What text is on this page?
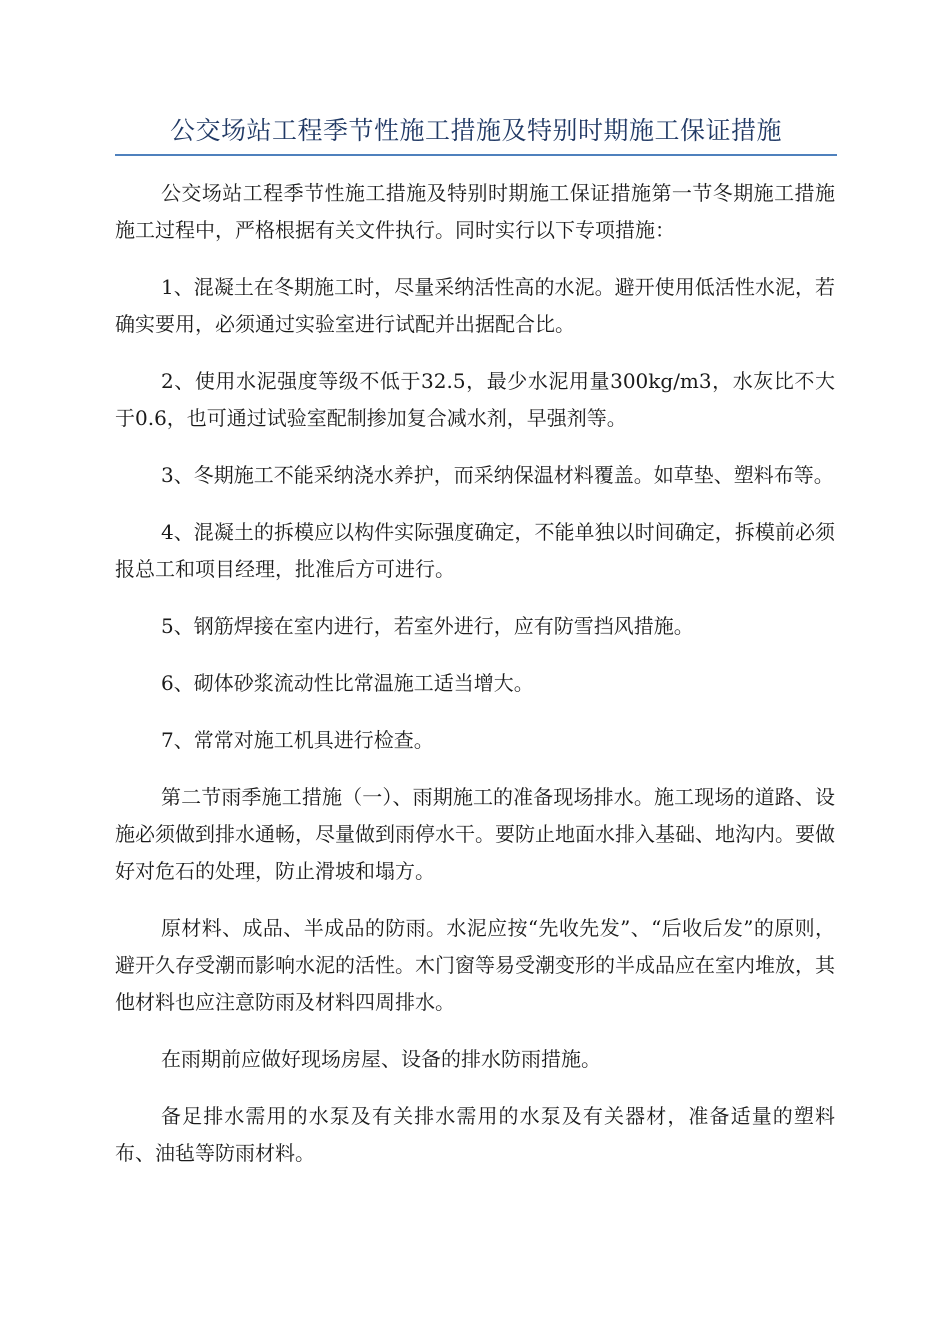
公交场站工程季节性施工措施及特别时期施工保证措施

公交场站工程季节性施工措施及特别时期施工保证措施第一节冬期施工措施施工过程中，严格根据有关文件执行。同时实行以下专项措施：

1、混凝土在冬期施工时，尽量采纳活性高的水泥。避开使用低活性水泥，若确实要用，必须通过实验室进行试配并出据配合比。

2、使用水泥强度等级不低于32.5，最少水泥用量300kg/m3，水灰比不大于0.6，也可通过试验室配制掺加复合减水剂，早强剂等。

3、冬期施工不能采纳浇水养护，而采纳保温材料覆盖。如草垫、塑料布等。

4、混凝土的拆模应以构件实际强度确定，不能单独以时间确定，拆模前必须报总工和项目经理，批准后方可进行。

5、钢筋焊接在室内进行，若室外进行，应有防雪挡风措施。

6、砌体砂浆流动性比常温施工适当增大。

7、常常对施工机具进行检查。

第二节雨季施工措施（一）、雨期施工的准备现场排水。施工现场的道路、设施必须做到排水通畅，尽量做到雨停水干。要防止地面水排入基础、地沟内。要做好对危石的处理，防止滑坡和塌方。

原材料、成品、半成品的防雨。水泥应按“先收先发”、“后收后发”的原则，避开久存受潮而影响水泥的活性。木门窗等易受潮变形的半成品应在室内堆放，其他材料也应注意防雨及材料四周排水。

在雨期前应做好现场房屋、设备的排水防雨措施。

备足排水需用的水泵及有关排水需用的水泵及有关器材，准备适量的塑料布、油毡等防雨材料。
